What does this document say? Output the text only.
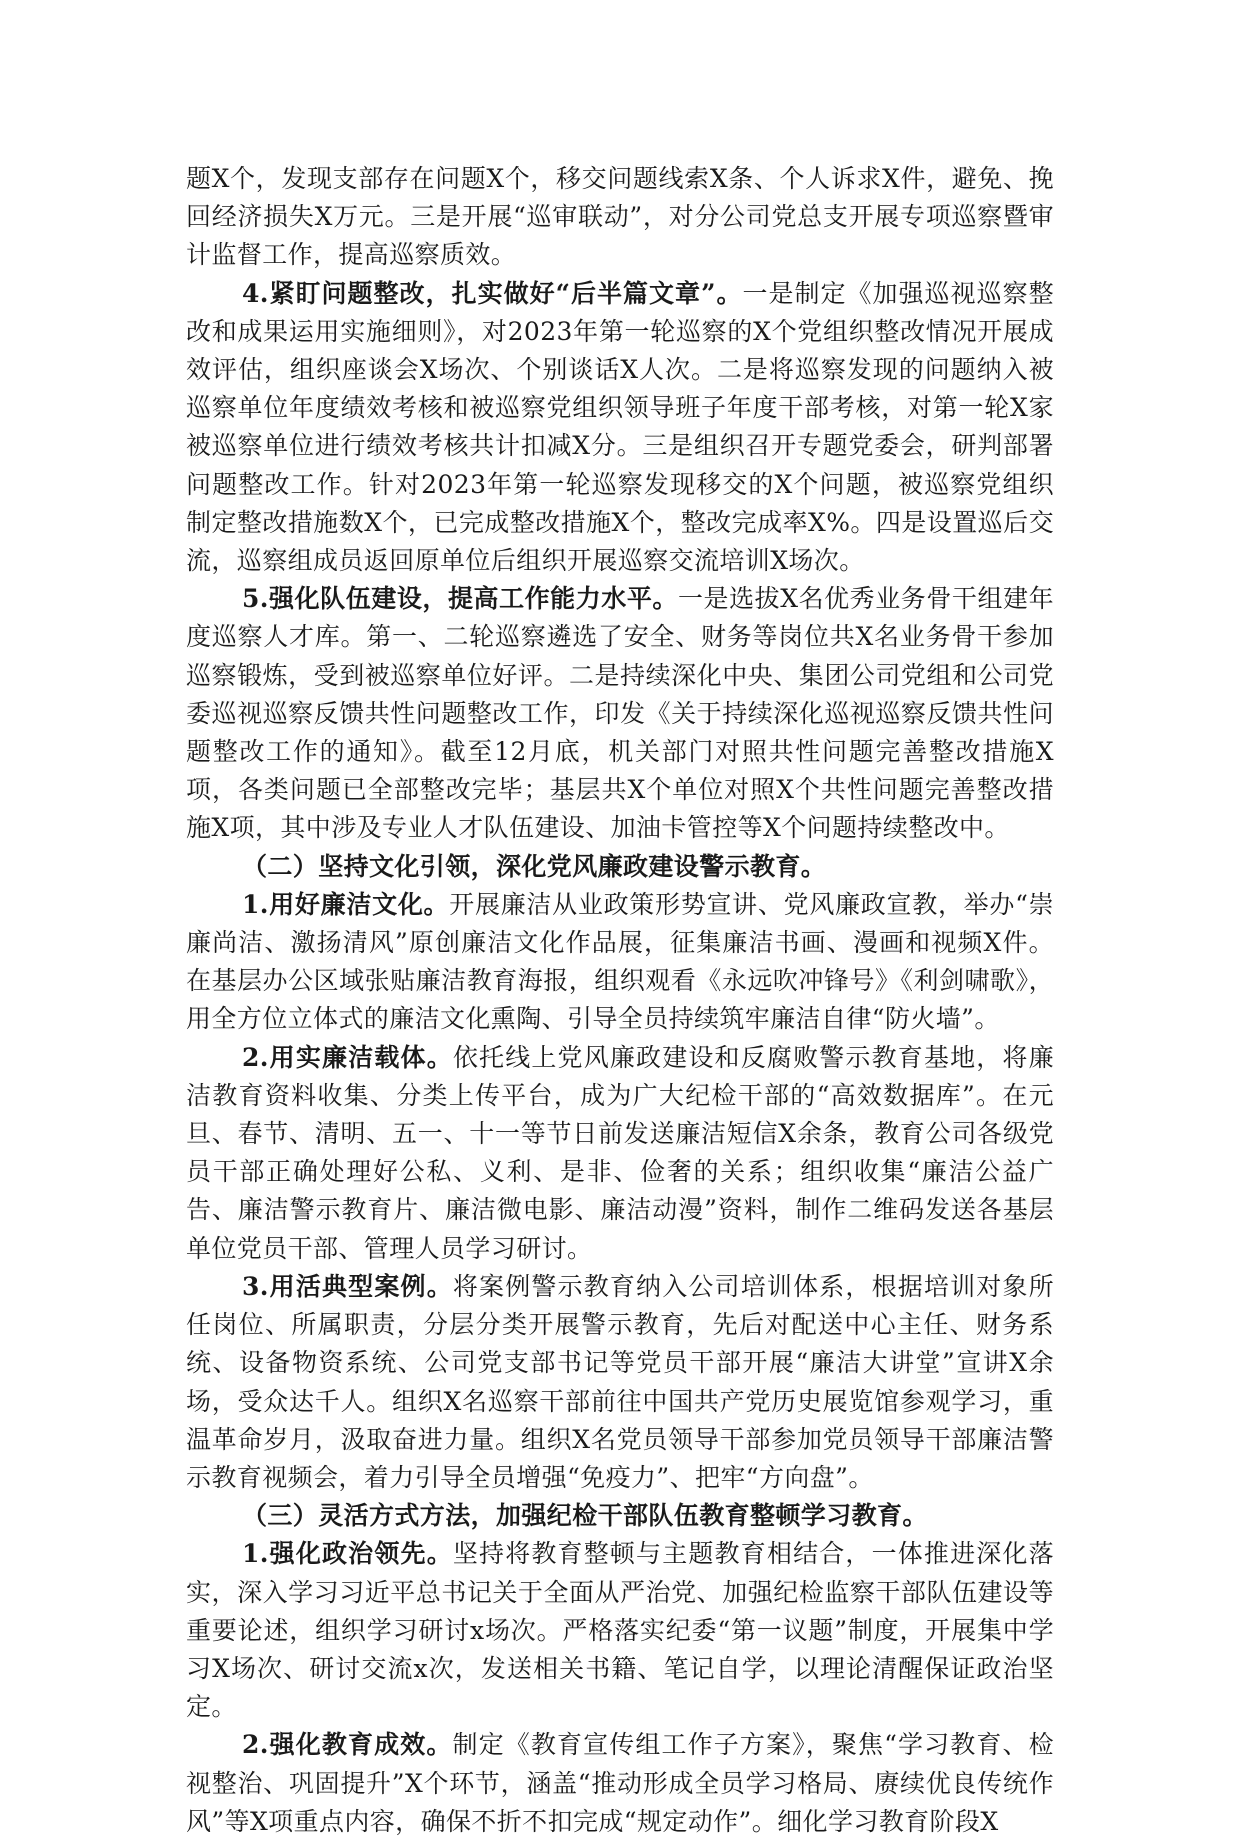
题X个，发现支部存在问题X个，移交问题线索X条、个人诉求X件，避免、挽回经济损失X万元。三是开展“巡审联动”，对分公司党总支开展专项巡察暨审计监督工作，提高巡察质效。

4.紧盯问题整改，扎实做好“后半篇文章”。一是制定《加强巡视巡察整改和成果运用实施细则》，对2023年第一轮巡察的X个党组织整改情况开展成效评估，组织座谈会X场次、个别谈话X人次。二是将巡察发现的问题纳入被巡察单位年度绩效考核和被巡察党组织领导班子年度干部考核，对第一轮X家被巡察单位进行绩效考核共计扣减X分。三是组织召开专题党委会，研判部署问题整改工作。针对2023年第一轮巡察发现移交的X个问题，被巡察党组织制定整改措施数X个，已完成整改措施X个，整改完成率X%。四是设置巡后交流，巡察组成员返回原单位后组织开展巡察交流培训X场次。

5.强化队伍建设，提高工作能力水平。一是选拔X名优秀业务骨干组建年度巡察人才库。第一、二轮巡察遴选了安全、财务等岗位共X名业务骨干参加巡察锻炼，受到被巡察单位好评。二是持续深化中央、集团公司党组和公司党委巡视巡察反馈共性问题整改工作，印发《关于持续深化巡视巡察反馈共性问题整改工作的通知》。截至12月底，机关部门对照共性问题完善整改措施X项，各类问题已全部整改完毕；基层共X个单位对照X个共性问题完善整改措施X项，其中涉及专业人才队伍建设、加油卡管控等X个问题持续整改中。

（二）坚持文化引领，深化党风廉政建设警示教育。

1.用好廉洁文化。开展廉洁从业政策形势宣讲、党风廉政宣教，举办“崇廉尚洁、激扬清风”原创廉洁文化作品展，征集廉洁书画、漫画和视频X件。在基层办公区域张贴廉洁教育海报，组织观看《永远吹冲锋号》《利剑啸歌》，用全方位立体式的廉洁文化熏陶、引导全员持续筑牢廉洁自律“防火墙”。

2.用实廉洁载体。依托线上党风廉政建设和反腐败警示教育基地，将廉洁教育资料收集、分类上传平台，成为广大纪检干部的“高效数据库”。在元旦、春节、清明、五一、十一等节日前发送廉洁短信X余条，教育公司各级党员干部正确处理好公私、义利、是非、俭奢的关系；组织收集“廉洁公益广告、廉洁警示教育片、廉洁微电影、廉洁动漫”资料，制作二维码发送各基层单位党员干部、管理人员学习研讨。

3.用活典型案例。将案例警示教育纳入公司培训体系，根据培训对象所任岗位、所属职责，分层分类开展警示教育，先后对配送中心主任、财务系统、设备物资系统、公司党支部书记等党员干部开展“廉洁大讲堂”宣讲X余场，受众达千人。组织X名巡察干部前往中国共产党历史展览馆参观学习，重温革命岁月，汲取奋进力量。组织X名党员领导干部参加党员领导干部廉洁警示教育视频会，着力引导全员增强“免疫力”、把牢“方向盘”。

（三）灵活方式方法，加强纪检干部队伍教育整顿学习教育。

1.强化政治领先。坚持将教育整顿与主题教育相结合，一体推进深化落实，深入学习习近平总书记关于全面从严治党、加强纪检监察干部队伍建设等重要论述，组织学习研讨x场次。严格落实纪委“第一议题”制度，开展集中学习X场次、研讨交流x次，发送相关书籍、笔记自学，以理论清醒保证政治坚定。

2.强化教育成效。制定《教育宣传组工作子方案》，聚焦“学习教育、检视整治、巩固提升”X个环节，涵盖“推动形成全员学习格局、赓续优良传统作风”等X项重点内容，确保不折不扣完成“规定动作”。细化学习教育阶段X
